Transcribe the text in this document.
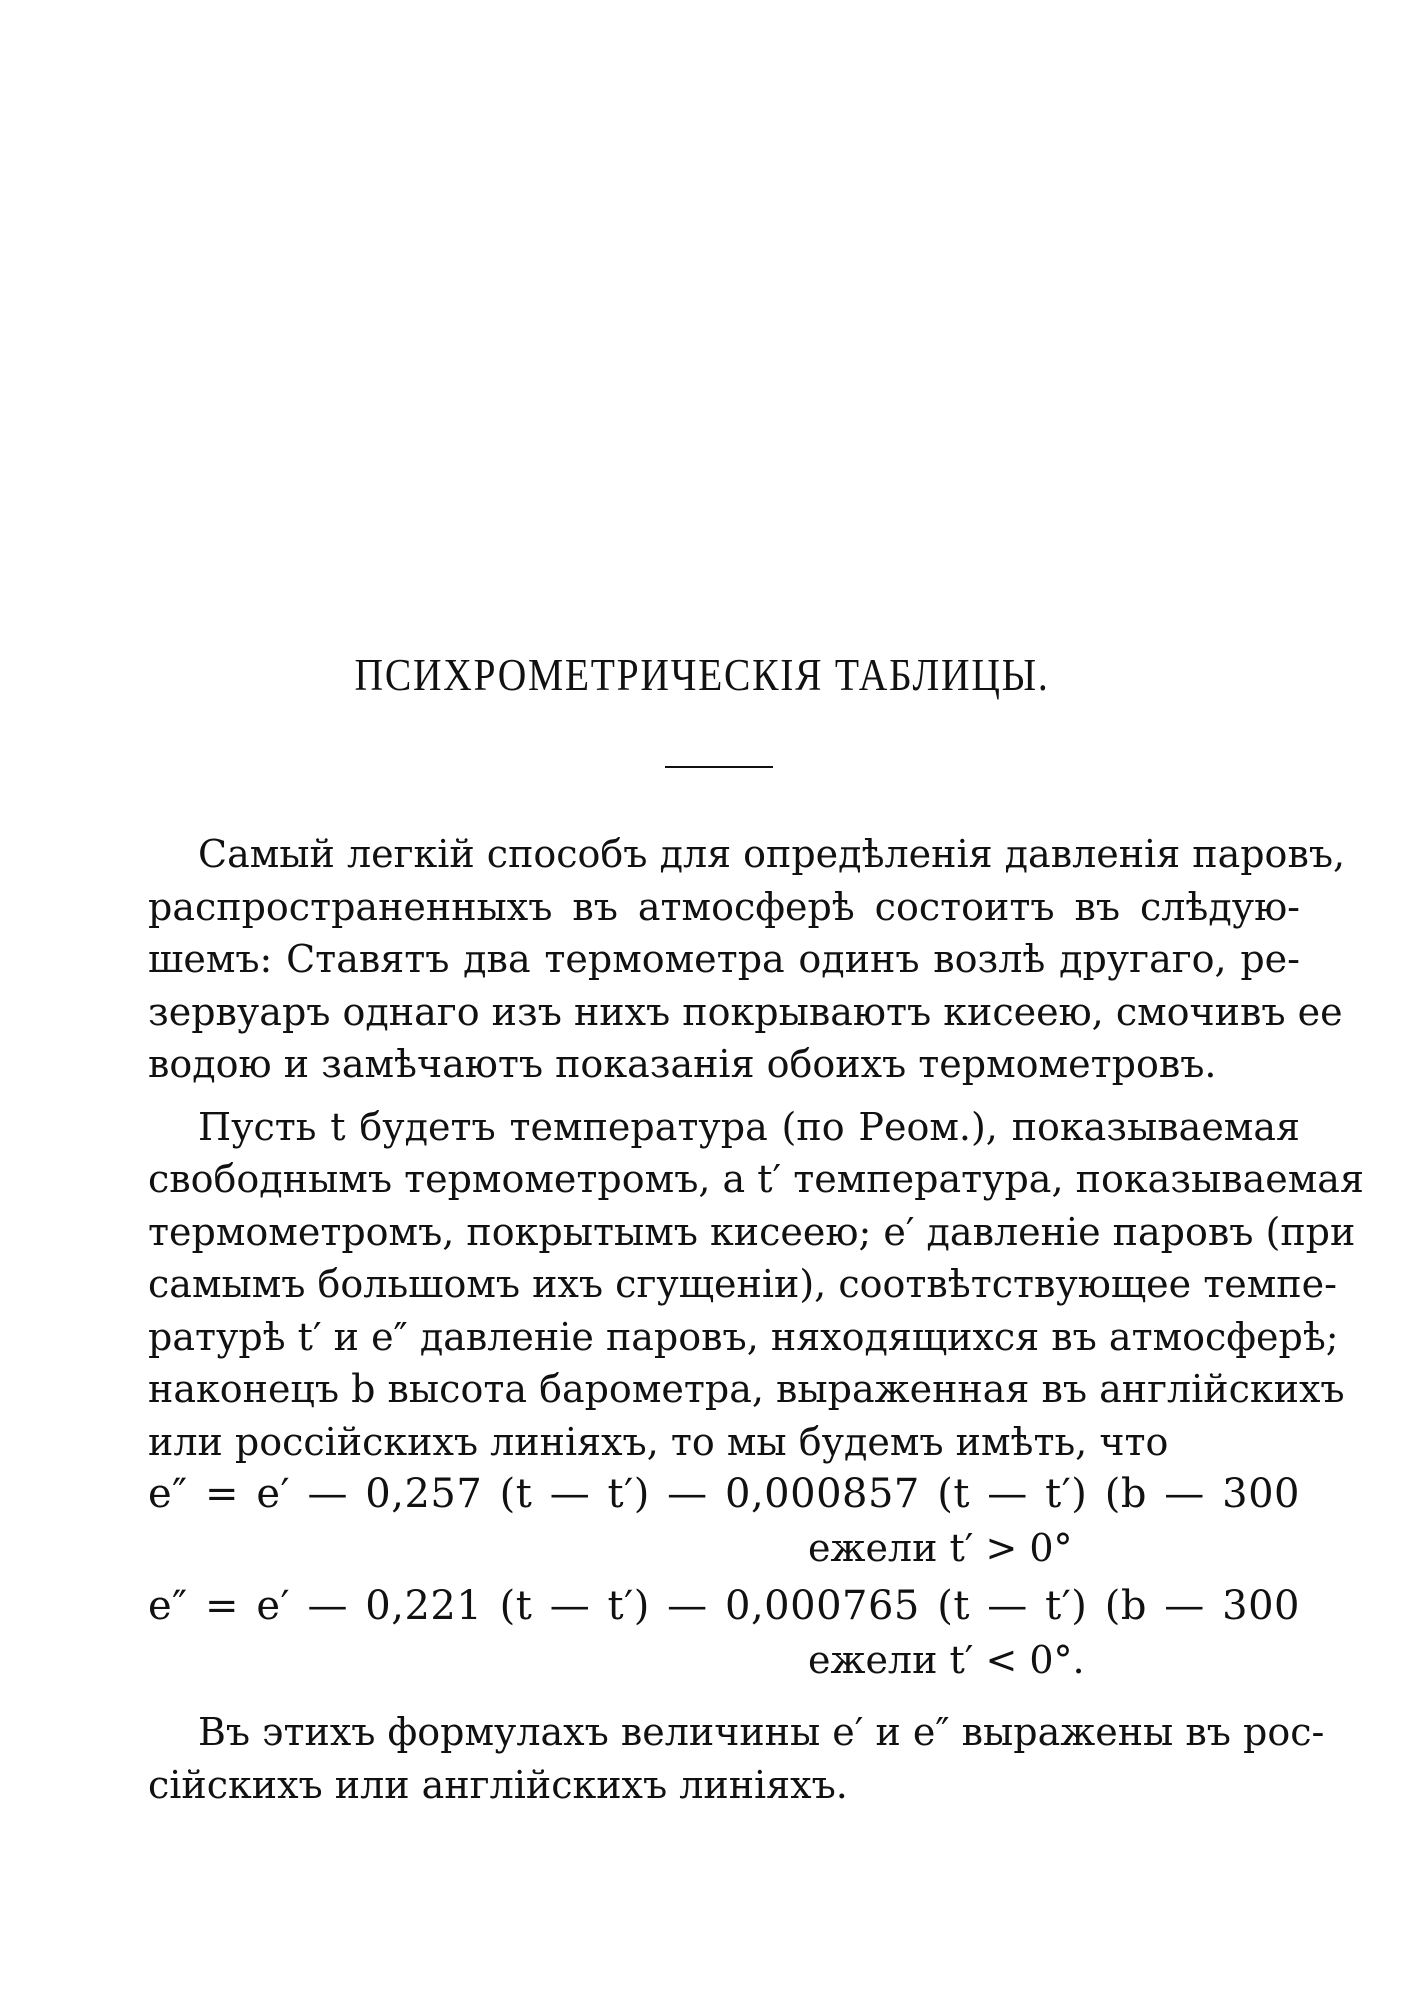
ПСИХРОМЕТРИЧЕСКІЯ ТАБЛИЦЫ.
Самый легкій способъ для опредѣленія давленія паровъ,
распространенныхъ въ атмосферѣ состоитъ въ слѣдую-
шемъ: Ставятъ два термометра одинъ возлѣ другаго, ре-
зервуаръ однаго изъ нихъ покрываютъ кисеею, смочивъ ее
водою и замѣчаютъ показанія обоихъ термометровъ.
Пусть t будетъ температура (по Реом.), показываемая
свободнымъ термометромъ, а t′ температура, показываемая
термометромъ, покрытымъ кисеею; e′ давленіе паровъ (при
самымъ большомъ ихъ сгущеніи), соотвѣтствующее темпе-
ратурѣ t′ и e″ давленіе паровъ, няходящихся въ атмосферѣ;
наконецъ b высота барометра, выраженная въ англійскихъ
или россійскихъ линіяхъ, то мы будемъ имѣть, что
e″ = e′ — 0,257 (t — t′) — 0,000857 (t — t′) (b — 300
ежели t′ > 0°
e″ = e′ — 0,221 (t — t′) — 0,000765 (t — t′) (b — 300
ежели t′ < 0°.
Въ этихъ формулахъ величины e′ и e″ выражены въ рос-
сійскихъ или англійскихъ линіяхъ.
